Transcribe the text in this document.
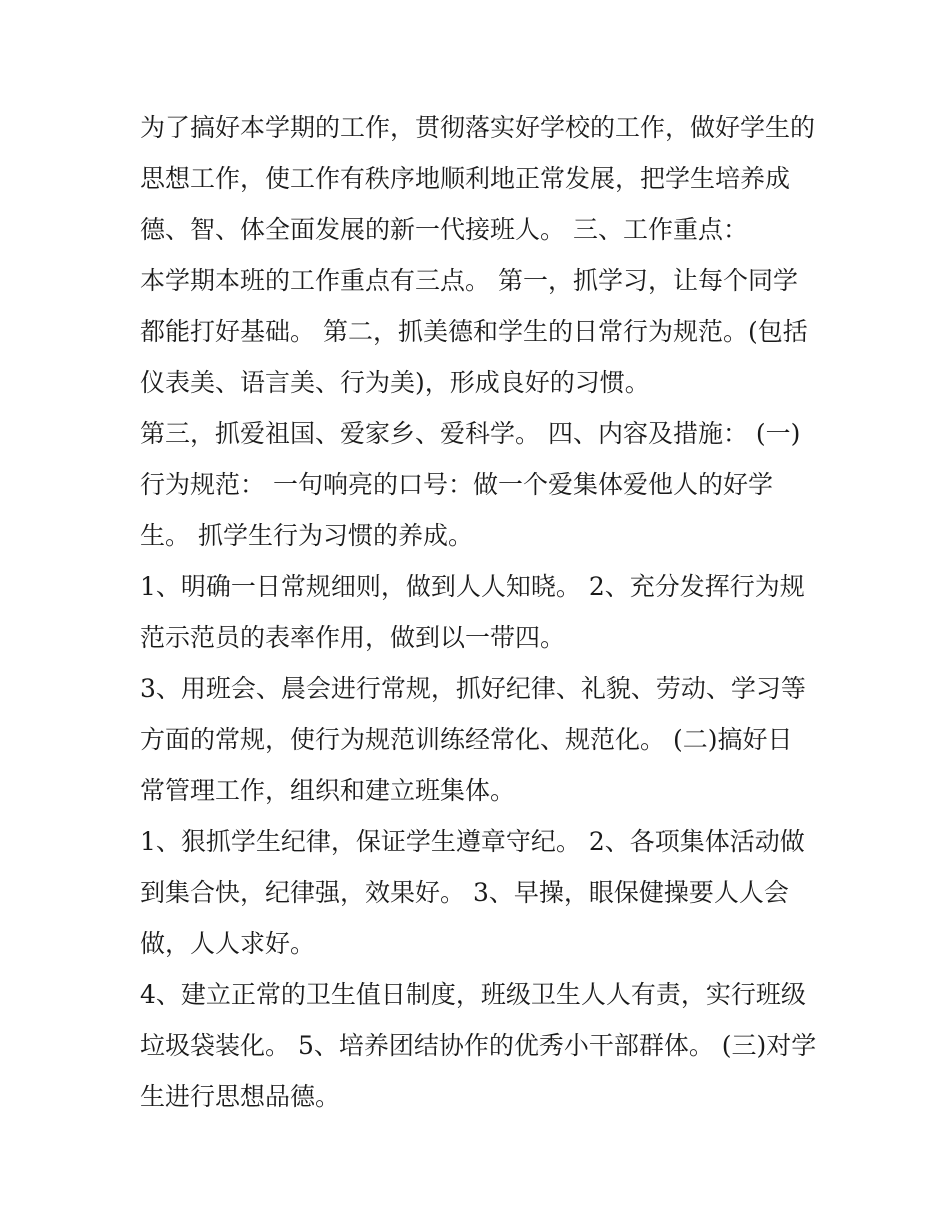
为了搞好本学期的工作，贯彻落实好学校的工作，做好学生的
思想工作，使工作有秩序地顺利地正常发展，把学生培养成
德、智、体全面发展的新一代接班人。 三、工作重点：

本学期本班的工作重点有三点。 第一，抓学习，让每个同学
都能打好基础。 第二，抓美德和学生的日常行为规范。(包括
仪表美、语言美、行为美)，形成良好的习惯。

第三，抓爱祖国、爱家乡、爱科学。 四、内容及措施： (一)
行为规范： 一句响亮的口号：做一个爱集体爱他人的好学
生。 抓学生行为习惯的养成。

1、明确一日常规细则，做到人人知晓。 2、充分发挥行为规
范示范员的表率作用，做到以一带四。

3、用班会、晨会进行常规，抓好纪律、礼貌、劳动、学习等
方面的常规，使行为规范训练经常化、规范化。 (二)搞好日
常管理工作，组织和建立班集体。

1、狠抓学生纪律，保证学生遵章守纪。 2、各项集体活动做
到集合快，纪律强，效果好。 3、早操，眼保健操要人人会
做，人人求好。

4、建立正常的卫生值日制度，班级卫生人人有责，实行班级
垃圾袋装化。 5、培养团结协作的优秀小干部群体。 (三)对学
生进行思想品德。
